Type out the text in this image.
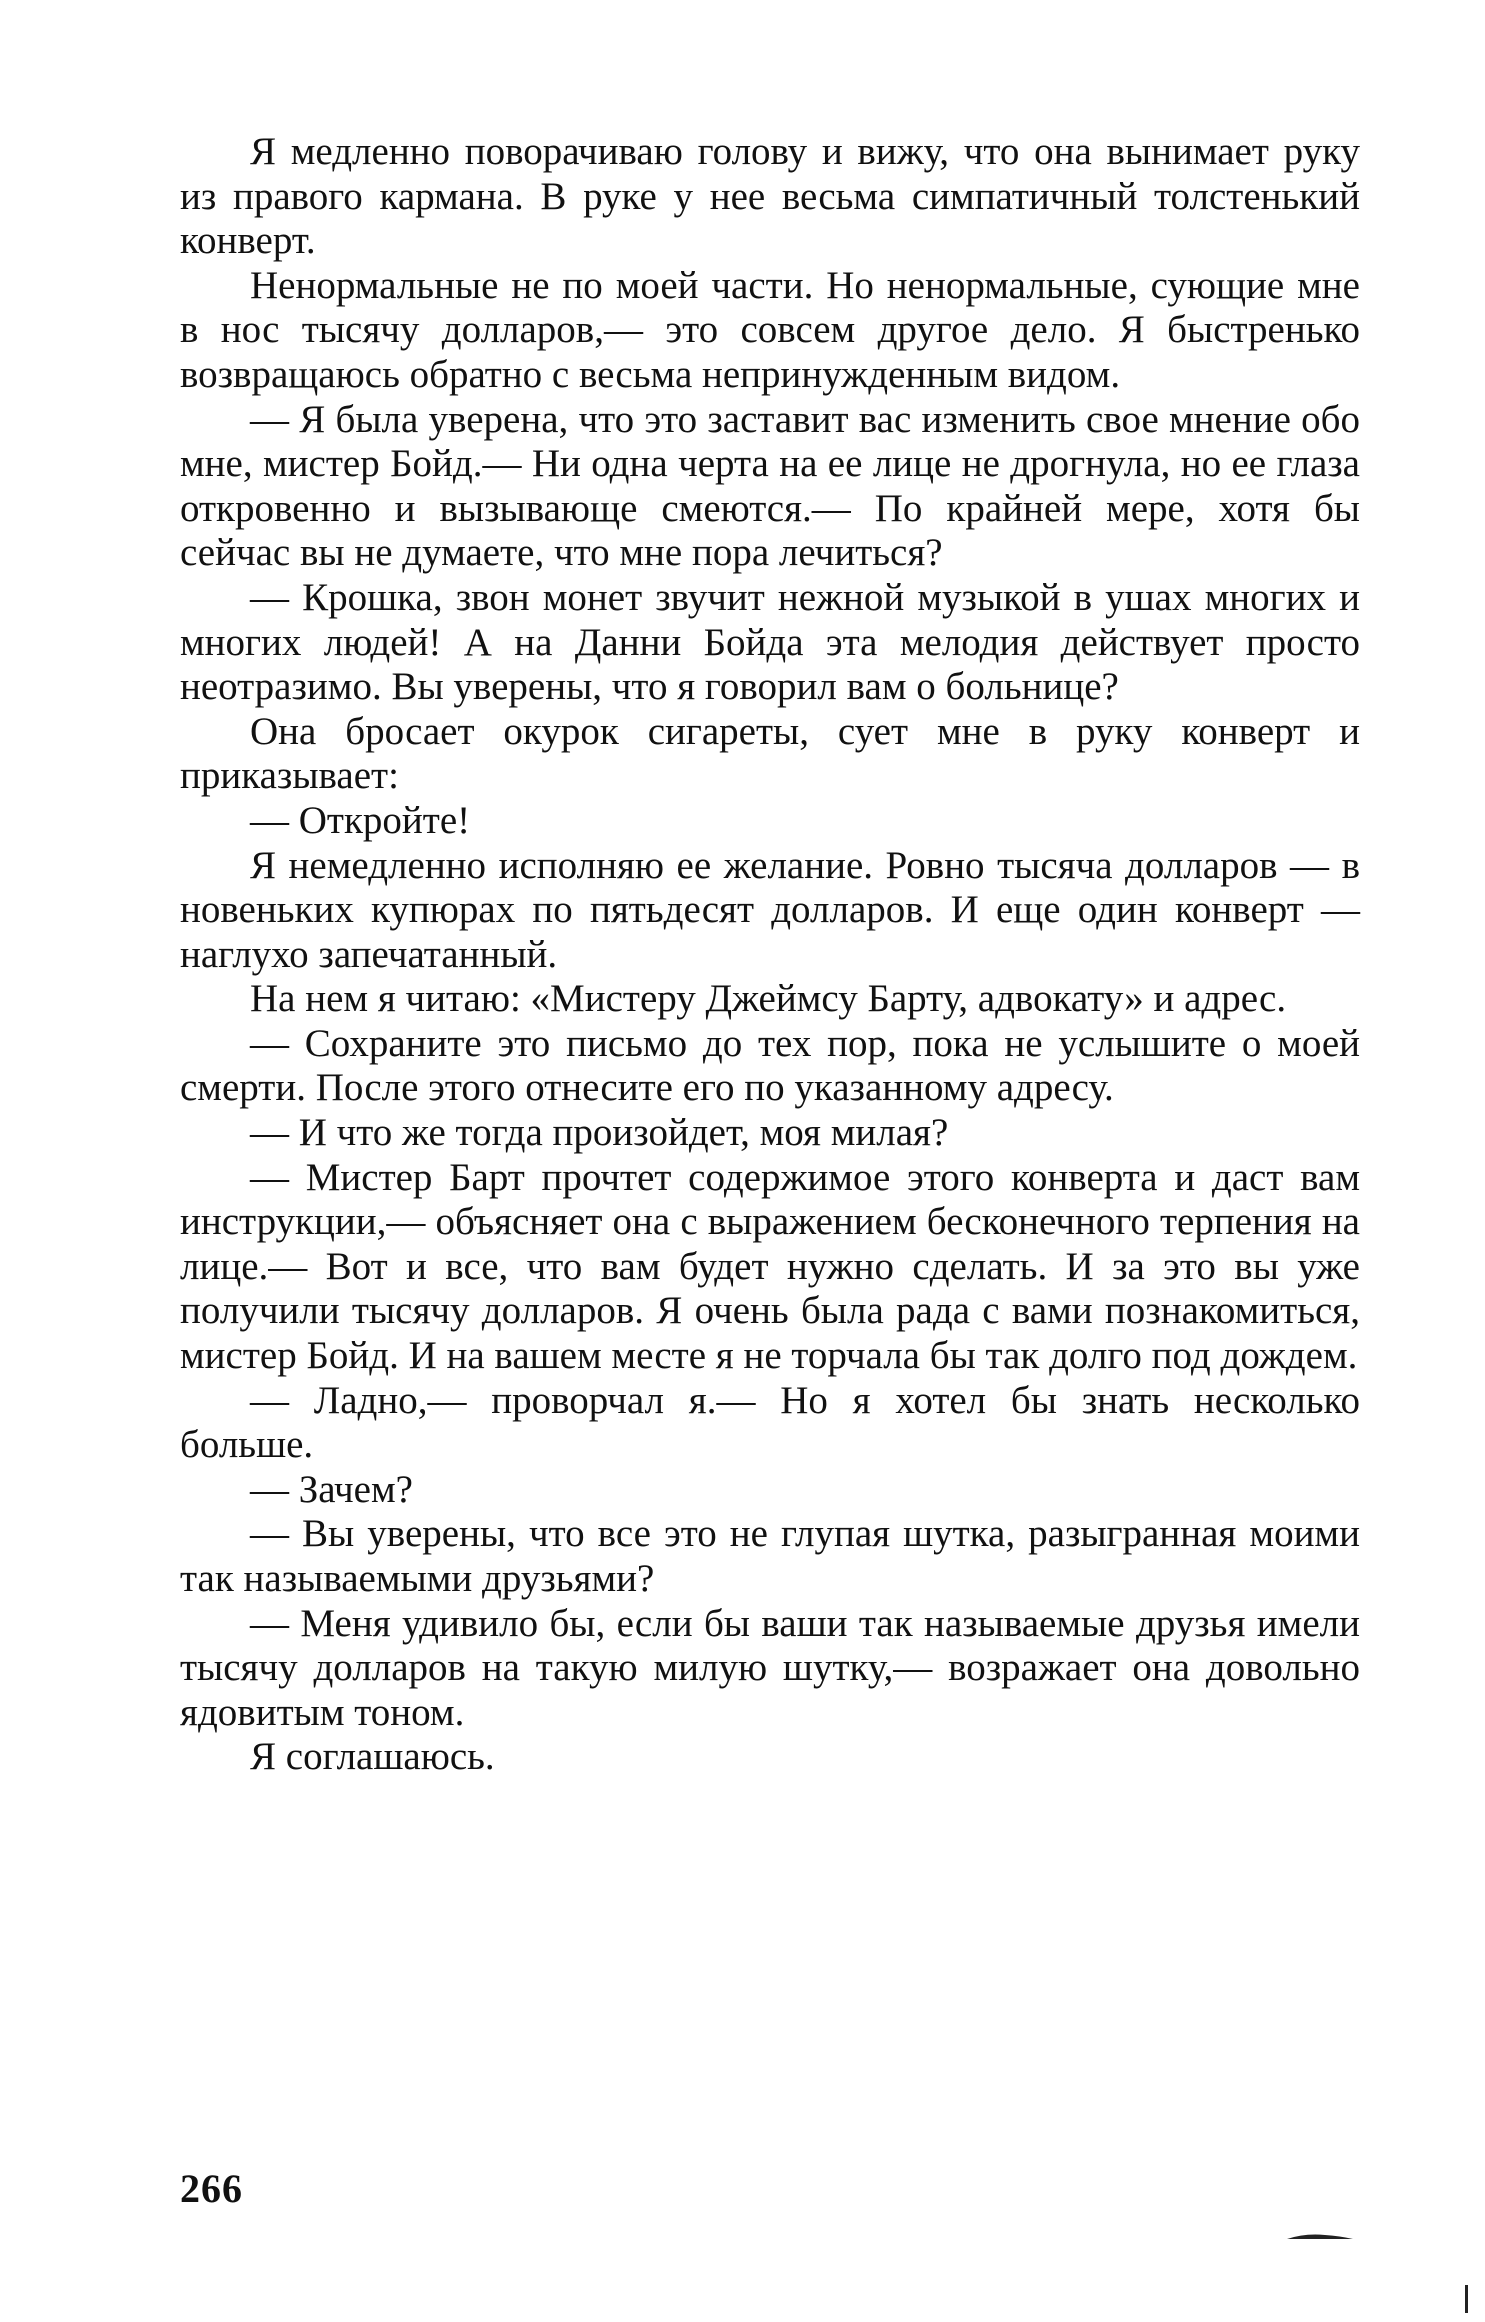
Я медленно поворачиваю голову и вижу, что она вынимает руку из правого кармана. В руке у нее весьма симпатичный толстенький конверт.

Ненормальные не по моей части. Но ненормальные, сующие мне в нос тысячу долларов,— это совсем другое дело. Я быстренько возвращаюсь обратно с весьма непринужденным видом.

— Я была уверена, что это заставит вас изменить свое мнение обо мне, мистер Бойд.— Ни одна черта на ее лице не дрогнула, но ее глаза откровенно и вызывающе смеются.— По крайней мере, хотя бы сейчас вы не думаете, что мне пора лечиться?

— Крошка, звон монет звучит нежной музыкой в ушах многих и многих людей! А на Данни Бойда эта мелодия действует просто неотразимо. Вы уверены, что я говорил вам о больнице?

Она бросает окурок сигареты, сует мне в руку конверт и приказывает:

— Откройте!

Я немедленно исполняю ее желание. Ровно тысяча долларов — в новеньких купюрах по пятьдесят долларов. И еще один конверт — наглухо запечатанный.

На нем я читаю: «Мистеру Джеймсу Барту, адвокату» и адрес.

— Сохраните это письмо до тех пор, пока не услышите о моей смерти. После этого отнесите его по указанному адресу.

— И что же тогда произойдет, моя милая?

— Мистер Барт прочтет содержимое этого конверта и даст вам инструкции,— объясняет она с выражением бесконечного терпения на лице.— Вот и все, что вам будет нужно сделать. И за это вы уже получили тысячу долларов. Я очень была рада с вами познакомиться, мистер Бойд. И на вашем месте я не торчала бы так долго под дождем.

— Ладно,— проворчал я.— Но я хотел бы знать несколько больше.

— Зачем?

— Вы уверены, что все это не глупая шутка, разыгранная моими так называемыми друзьями?

— Меня удивило бы, если бы ваши так называемые друзья имели тысячу долларов на такую милую шутку,— возражает она довольно ядовитым тоном.

Я соглашаюсь.

266
